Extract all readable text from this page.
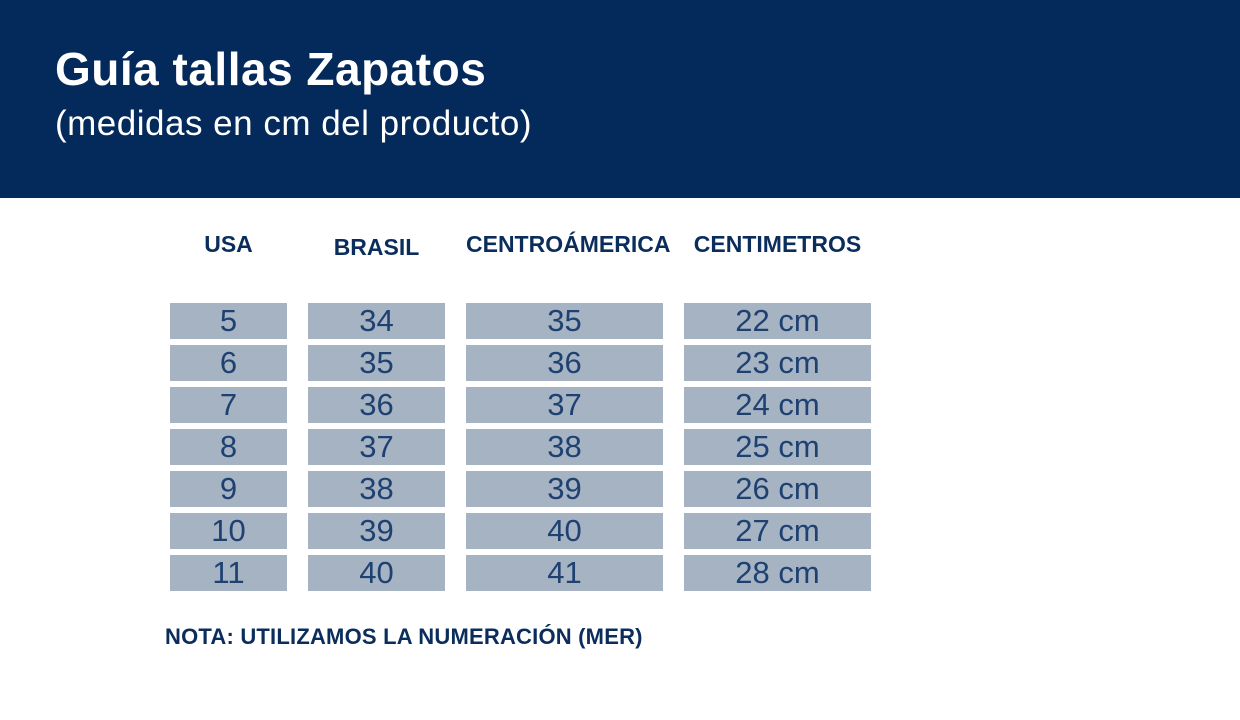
Guía tallas Zapatos
(medidas en cm del producto)
USA	BRASIL	CENTROÁMERICA	CENTIMETROS
5	34	35	22 cm
6	35	36	23 cm
7	36	37	24 cm
8	37	38	25 cm
9	38	39	26 cm
10	39	40	27 cm
11	40	41	28 cm
NOTA: UTILIZAMOS LA NUMERACIÓN (MER)
